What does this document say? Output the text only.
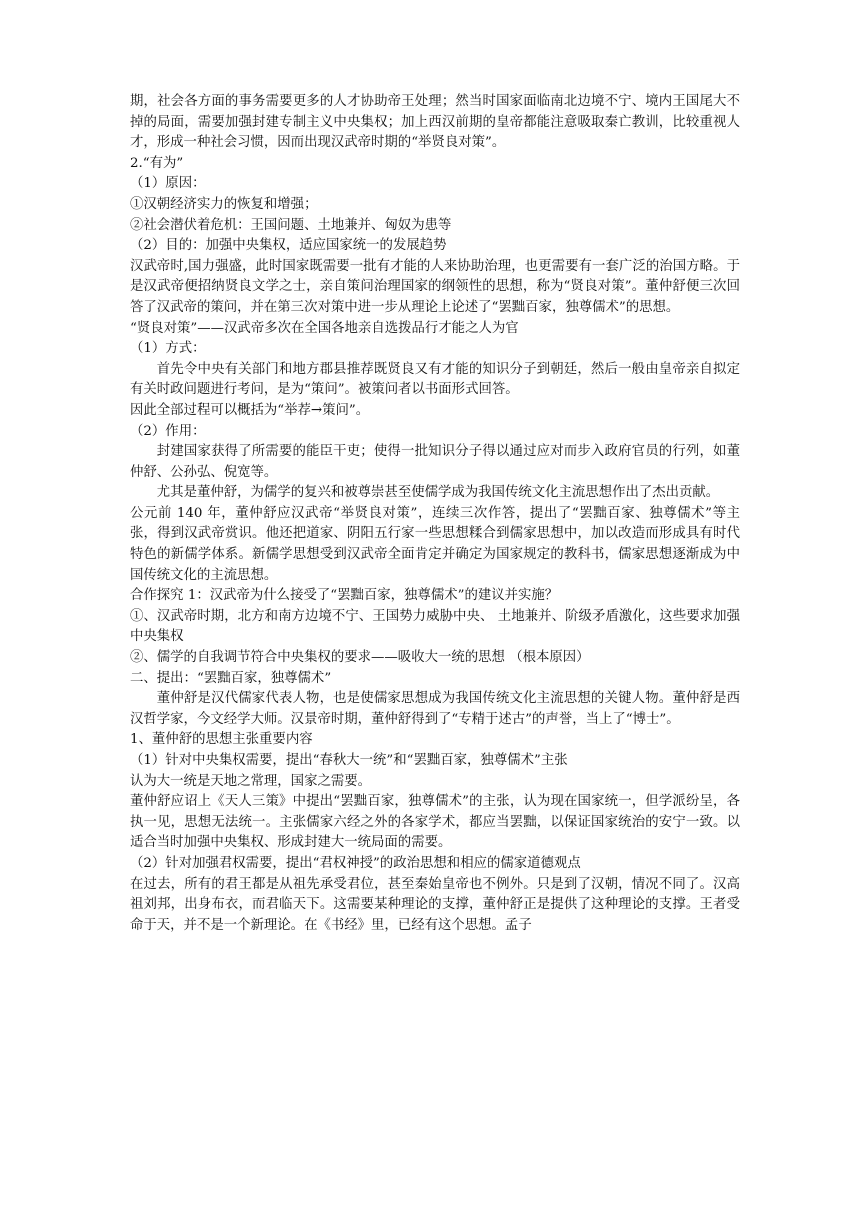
期，社会各方面的事务需要更多的人才协助帝王处理；然当时国家面临南北边境不宁、境内王国尾大不掉的局面，需要加强封建专制主义中央集权；加上西汉前期的皇帝都能注意吸取秦亡教训，比较重视人才，形成一种社会习惯，因而出现汉武帝时期的“举贤良对策”。

2.“有为”

（1）原因：

①汉朝经济实力的恢复和增强；

②社会潜伏着危机：王国问题、土地兼并、匈奴为患等

（2）目的：加强中央集权，适应国家统一的发展趋势

汉武帝时,国力强盛，此时国家既需要一批有才能的人来协助治理，也更需要有一套广泛的治国方略。于是汉武帝便招纳贤良文学之士，亲自策问治理国家的纲领性的思想，称为“贤良对策”。董仲舒便三次回答了汉武帝的策问，并在第三次对策中进一步从理论上论述了“罢黜百家，独尊儒术”的思想。

“贤良对策”——汉武帝多次在全国各地亲自选拨品行才能之人为官

（1）方式：

首先令中央有关部门和地方郡县推荐既贤良又有才能的知识分子到朝廷，然后一般由皇帝亲自拟定有关时政问题进行考问，是为“策问”。被策问者以书面形式回答。

因此全部过程可以概括为“举荐→策问”。

（2）作用：

封建国家获得了所需要的能臣干吏；使得一批知识分子得以通过应对而步入政府官员的行列，如董仲舒、公孙弘、倪宽等。

尤其是董仲舒，为儒学的复兴和被尊崇甚至使儒学成为我国传统文化主流思想作出了杰出贡献。

公元前 140 年，董仲舒应汉武帝“举贤良对策”，连续三次作答，提出了“罢黜百家、独尊儒术”等主张，得到汉武帝赏识。他还把道家、阴阳五行家一些思想糅合到儒家思想中，加以改造而形成具有时代特色的新儒学体系。新儒学思想受到汉武帝全面肯定并确定为国家规定的教科书，儒家思想逐渐成为中国传统文化的主流思想。

合作探究 1：汉武帝为什么接受了“罢黜百家，独尊儒术”的建议并实施？

①、汉武帝时期，北方和南方边境不宁、王国势力威胁中央、 土地兼并、阶级矛盾激化，这些要求加强中央集权

②、儒学的自我调节符合中央集权的要求——吸收大一统的思想 （根本原因）

二、提出：“罢黜百家，独尊儒术”

董仲舒是汉代儒家代表人物，也是使儒家思想成为我国传统文化主流思想的关键人物。董仲舒是西汉哲学家，今文经学大师。汉景帝时期，董仲舒得到了“专精于述古”的声誉，当上了“博士”。

1、董仲舒的思想主张重要内容

（1）针对中央集权需要，提出“春秋大一统”和“罢黜百家，独尊儒术”主张

认为大一统是天地之常理，国家之需要。

董仲舒应诏上《天人三策》中提出“罢黜百家，独尊儒术”的主张，认为现在国家统一，但学派纷呈，各执一见，思想无法统一。主张儒家六经之外的各家学术，都应当罢黜，以保证国家统治的安宁一致。以适合当时加强中央集权、形成封建大一统局面的需要。

（2）针对加强君权需要，提出“君权神授”的政治思想和相应的儒家道德观点

在过去，所有的君王都是从祖先承受君位，甚至秦始皇帝也不例外。只是到了汉朝，情况不同了。汉高祖刘邦，出身布衣，而君临天下。这需要某种理论的支撑，董仲舒正是提供了这种理论的支撑。王者受命于天，并不是一个新理论。在《书经》里，已经有这个思想。孟子
